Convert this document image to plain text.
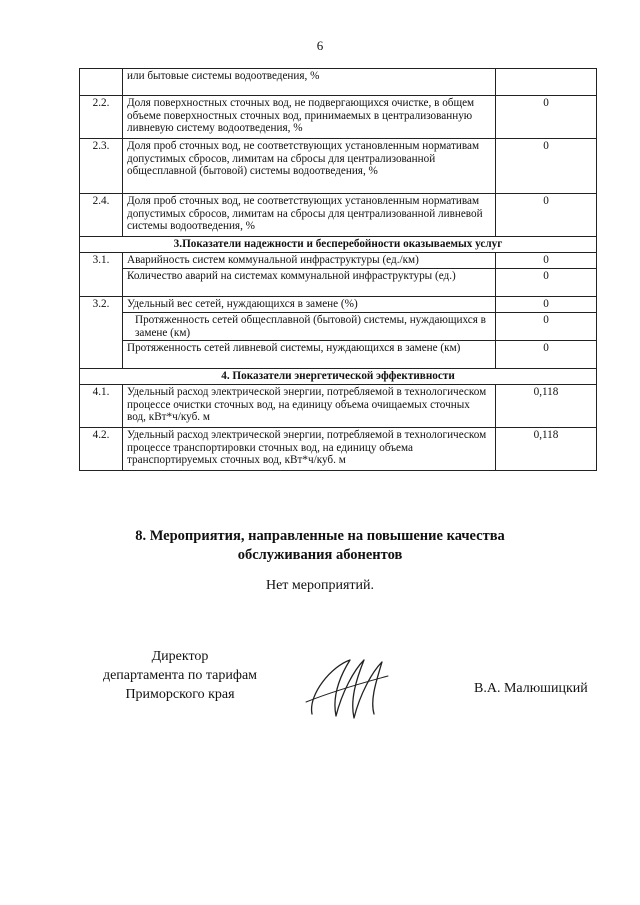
6
	или бытовые системы водоотведения, %	
2.2.	Доля поверхностных сточных вод, не подвергающихся очистке, в общем объеме поверхностных сточных вод, принимаемых в централизованную ливневую систему водоотведения, %	0
2.3.	Доля проб сточных вод, не соответствующих установленным нормативам допустимых сбросов, лимитам на сбросы для централизованной общесплавной (бытовой) системы водоотведения, %	0
2.4.	Доля проб сточных вод, не соответствующих установленным нормативам допустимых сбросов, лимитам на сбросы для централизованной ливневой системы водоотведения, %	0
3.Показатели надежности и бесперебойности оказываемых услуг		
3.1.	Аварийность систем коммунальной инфраструктуры (ед./км)	0
	Количество аварий на системах коммунальной инфраструктуры (ед.)	0
3.2.	Удельный вес сетей, нуждающихся в замене (%)	0
	Протяженность сетей общесплавной (бытовой) системы, нуждающихся в замене (км)	0
	Протяженность сетей ливневой системы, нуждающихся в замене (км)	0
4. Показатели энергетической эффективности		
4.1.	Удельный расход электрической энергии, потребляемой в технологическом процессе очистки сточных вод, на единицу объема очищаемых сточных вод, кВт*ч/куб. м	0,118
4.2.	Удельный расход электрической энергии, потребляемой в технологическом процессе транспортировки сточных вод, на единицу объема транспортируемых сточных вод, кВт*ч/куб. м	0,118
8. Мероприятия, направленные на повышение качества
обслуживания абонентов
Нет мероприятий.
Директор
департамента по тарифам
Приморского края	В.А. Малюшицкий
